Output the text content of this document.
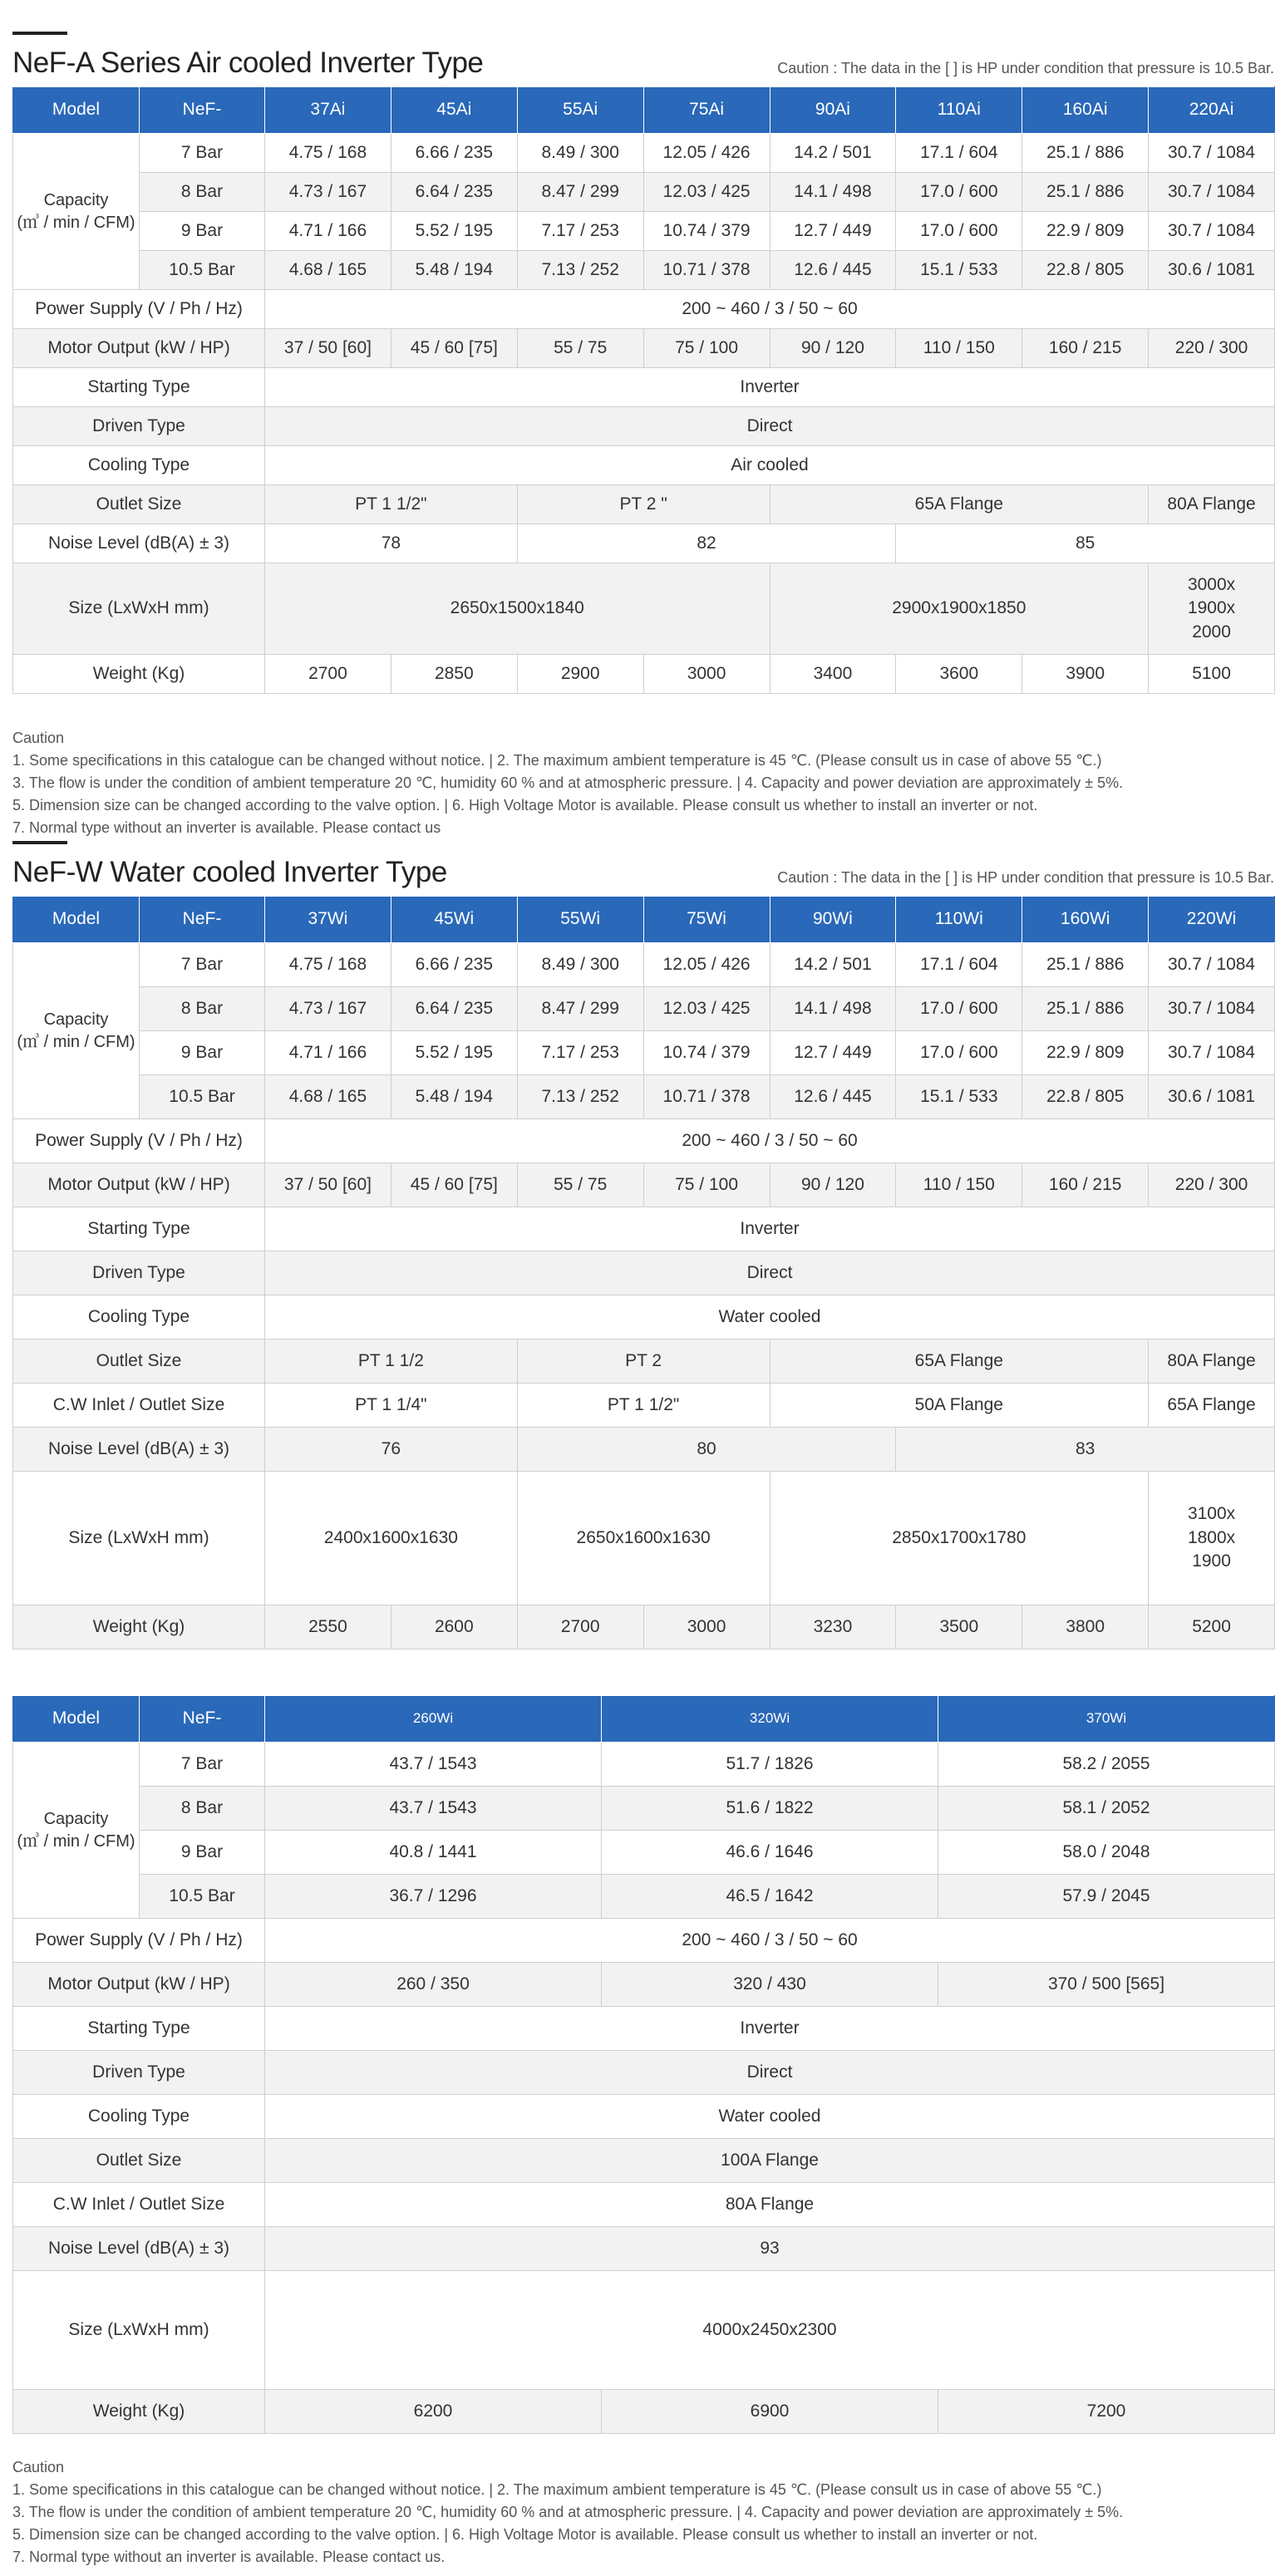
NeF-A Series Air cooled Inverter Type	Caution : The data in the [ ] is HP under condition that pressure is 10.5 Bar.
Model	NeF-	37Ai	45Ai	55Ai	75Ai	90Ai	110Ai	160Ai	220Ai
Capacity
(㎥ / min / CFM)	7 Bar	4.75 / 168	6.66 / 235	8.49 / 300	12.05 / 426	14.2 / 501	17.1 / 604	25.1 / 886	30.7 / 1084
	8 Bar	4.73 / 167	6.64 / 235	8.47 / 299	12.03 / 425	14.1 / 498	17.0 / 600	25.1 / 886	30.7 / 1084
	9 Bar	4.71 / 166	5.52 / 195	7.17 / 253	10.74 / 379	12.7 / 449	17.0 / 600	22.9 / 809	30.7 / 1084
	10.5 Bar	4.68 / 165	5.48 / 194	7.13 / 252	10.71 / 378	12.6 / 445	15.1 / 533	22.8 / 805	30.6 / 1081
Power Supply (V / Ph / Hz)		200 ~ 460 / 3 / 50 ~ 60							
Motor Output (kW / HP)		37 / 50 [60]	45 / 60 [75]	55 / 75	75 / 100	90 / 120	110 / 150	160 / 215	220 / 300
Starting Type		Inverter							
Driven Type		Direct							
Cooling Type		Air cooled							
Outlet Size		PT 1 1/2"		PT 2 "		65A Flange			80A Flange
Noise Level (dB(A) ± 3)		78		82			85		
Size (LxWxH mm)		2650x1500x1840				2900x1900x1850			3000x
1900x
2000
Weight (Kg)		2700	2850	2900	3000	3400	3600	3900	5100
Caution
1. Some specifications in this catalogue can be changed without notice. | 2. The maximum ambient temperature is 45 ℃. (Please consult us in case of above 55 ℃.)
3. The flow is under the condition of ambient temperature 20 ℃, humidity 60 % and at atmospheric pressure. | 4. Capacity and power deviation are approximately ± 5%.
5. Dimension size can be changed according to the valve option. | 6. High Voltage Motor is available. Please consult us whether to install an inverter or not.
7. Normal type without an inverter is available. Please contact us
NeF-W Water cooled Inverter Type	Caution : The data in the [ ] is HP under condition that pressure is 10.5 Bar.
Model	NeF-	37Wi	45Wi	55Wi	75Wi	90Wi	110Wi	160Wi	220Wi
Capacity
(㎥ / min / CFM)	7 Bar	4.75 / 168	6.66 / 235	8.49 / 300	12.05 / 426	14.2 / 501	17.1 / 604	25.1 / 886	30.7 / 1084
	8 Bar	4.73 / 167	6.64 / 235	8.47 / 299	12.03 / 425	14.1 / 498	17.0 / 600	25.1 / 886	30.7 / 1084
	9 Bar	4.71 / 166	5.52 / 195	7.17 / 253	10.74 / 379	12.7 / 449	17.0 / 600	22.9 / 809	30.7 / 1084
	10.5 Bar	4.68 / 165	5.48 / 194	7.13 / 252	10.71 / 378	12.6 / 445	15.1 / 533	22.8 / 805	30.6 / 1081
Power Supply (V / Ph / Hz)		200 ~ 460 / 3 / 50 ~ 60							
Motor Output (kW / HP)		37 / 50 [60]	45 / 60 [75]	55 / 75	75 / 100	90 / 120	110 / 150	160 / 215	220 / 300
Starting Type		Inverter							
Driven Type		Direct							
Cooling Type		Water cooled							
Outlet Size		PT 1 1/2		PT 2		65A Flange			80A Flange
C.W Inlet / Outlet Size		PT 1 1/4"		PT 1 1/2"		50A Flange			65A Flange
Noise Level (dB(A) ± 3)		76		80			83		
Size (LxWxH mm)		2400x1600x1630		2650x1600x1630		2850x1700x1780			3100x
1800x
1900
Weight (Kg)		2550	2600	2700	3000	3230	3500	3800	5200
Model	NeF-	260Wi	320Wi	370Wi
Capacity
(㎥ / min / CFM)	7 Bar	43.7 / 1543	51.7 / 1826	58.2 / 2055
	8 Bar	43.7 / 1543	51.6 / 1822	58.1 / 2052
	9 Bar	40.8 / 1441	46.6 / 1646	58.0 / 2048
	10.5 Bar	36.7 / 1296	46.5 / 1642	57.9 / 2045
Power Supply (V / Ph / Hz)		200 ~ 460 / 3 / 50 ~ 60		
Motor Output (kW / HP)		260 / 350	320 / 430	370 / 500 [565]
Starting Type		Inverter		
Driven Type		Direct		
Cooling Type		Water cooled		
Outlet Size		100A Flange		
C.W Inlet / Outlet Size		80A Flange		
Noise Level (dB(A) ± 3)		93		
Size (LxWxH mm)		4000x2450x2300		
Weight (Kg)		6200	6900	7200
Caution
1. Some specifications in this catalogue can be changed without notice. | 2. The maximum ambient temperature is 45 ℃. (Please consult us in case of above 55 ℃.)
3. The flow is under the condition of ambient temperature 20 ℃, humidity 60 % and at atmospheric pressure. | 4. Capacity and power deviation are approximately ± 5%.
5. Dimension size can be changed according to the valve option. | 6. High Voltage Motor is available. Please consult us whether to install an inverter or not.
7. Normal type without an inverter is available. Please contact us.
